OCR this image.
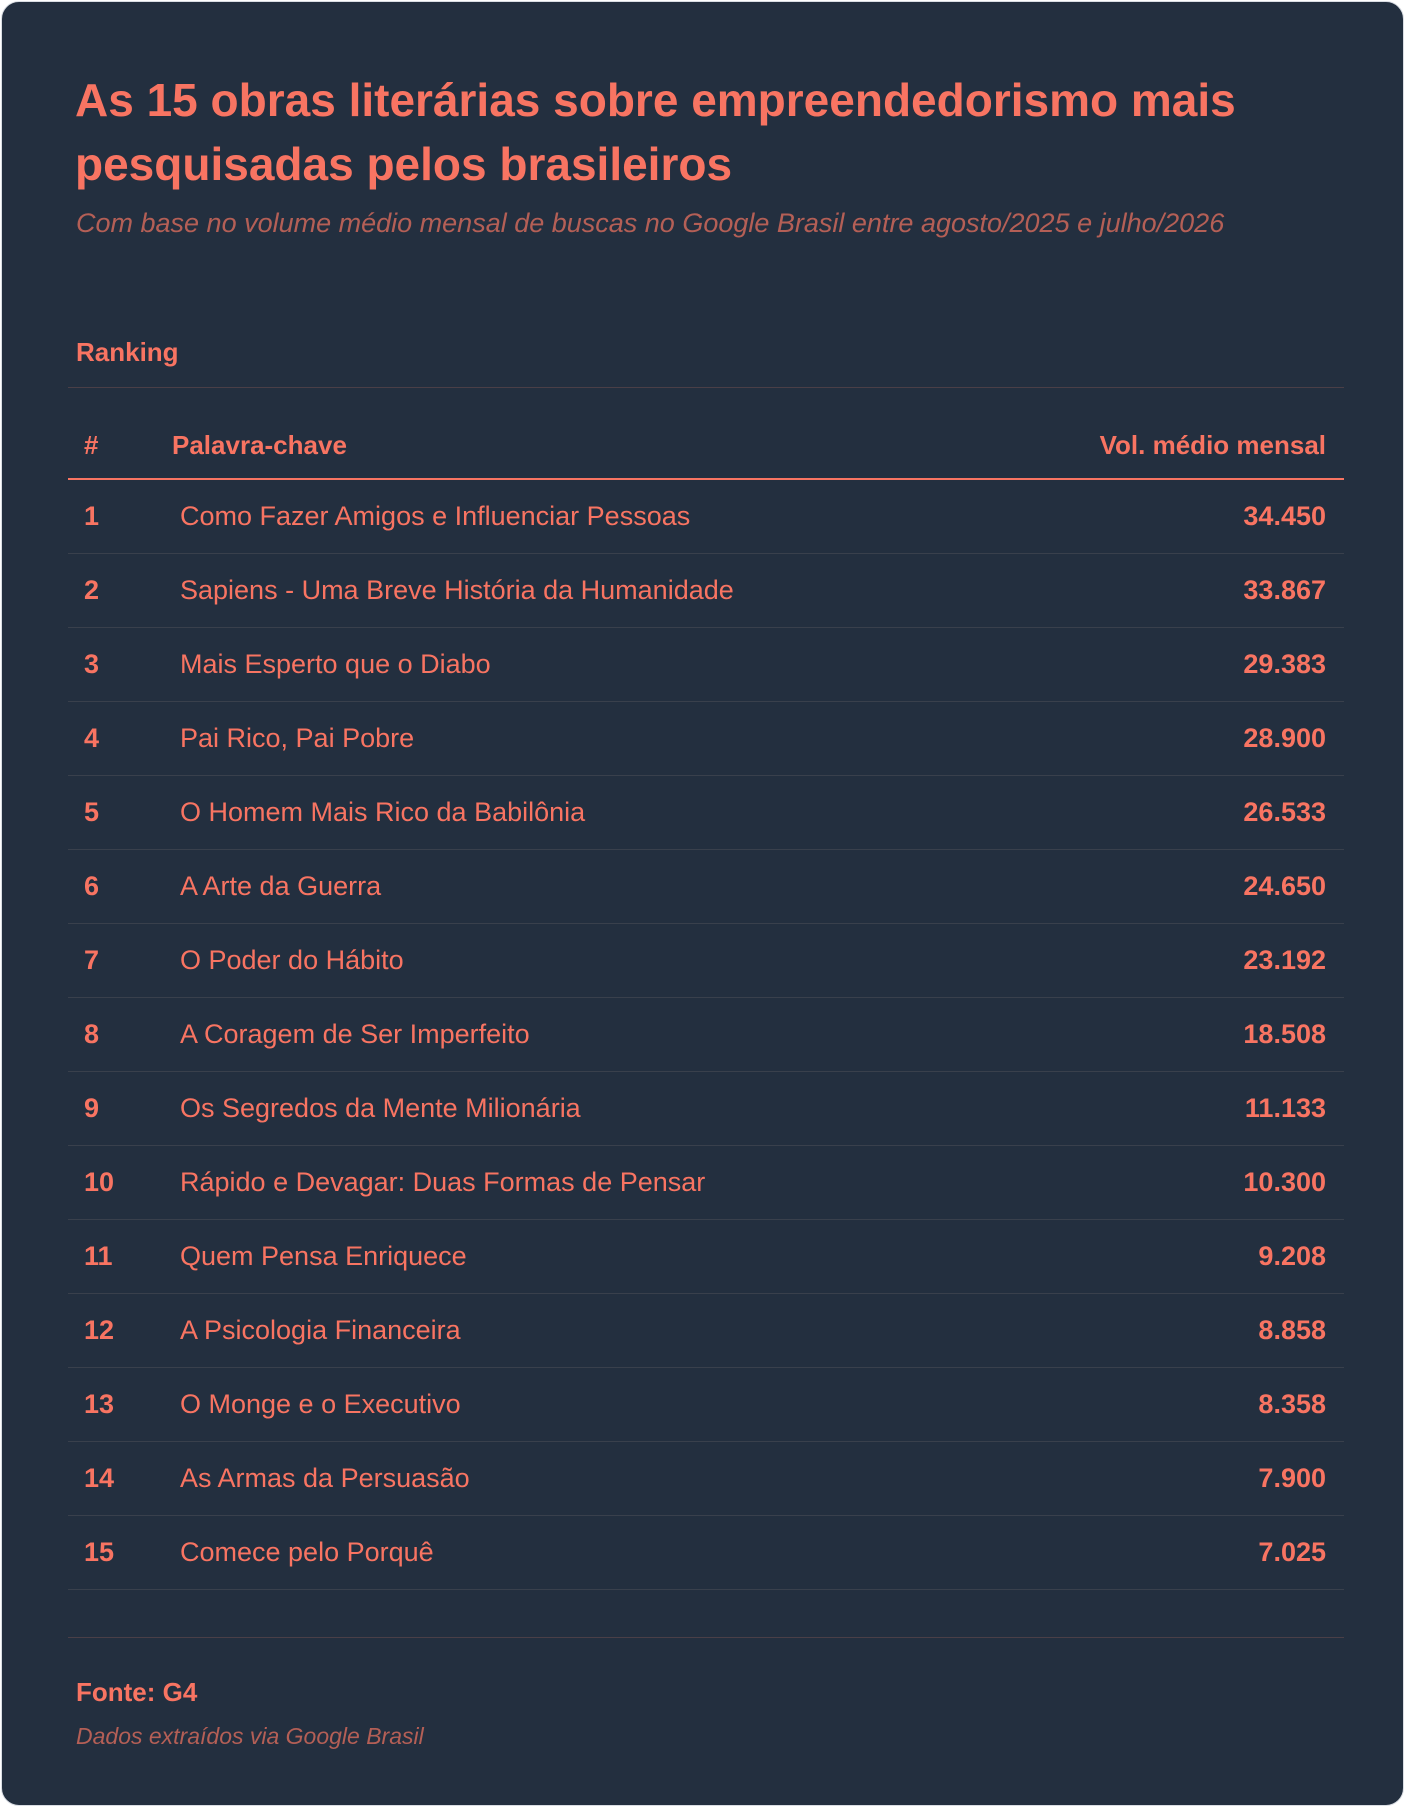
As 15 obras literárias sobre empreendedorismo mais pesquisadas pelos brasileiros

Com base no volume médio mensal de buscas no Google Brasil entre agosto/2025 e julho/2026

Ranking

#	Palavra-chave	Vol. médio mensal
1	Como Fazer Amigos e Influenciar Pessoas	34.450
2	Sapiens - Uma Breve História da Humanidade	33.867
3	Mais Esperto que o Diabo	29.383
4	Pai Rico, Pai Pobre	28.900
5	O Homem Mais Rico da Babilônia	26.533
6	A Arte da Guerra	24.650
7	O Poder do Hábito	23.192
8	A Coragem de Ser Imperfeito	18.508
9	Os Segredos da Mente Milionária	11.133
10	Rápido e Devagar: Duas Formas de Pensar	10.300
11	Quem Pensa Enriquece	9.208
12	A Psicologia Financeira	8.858
13	O Monge e o Executivo	8.358
14	As Armas da Persuasão	7.900
15	Comece pelo Porquê	7.025

Fonte: G4

Dados extraídos via Google Brasil
